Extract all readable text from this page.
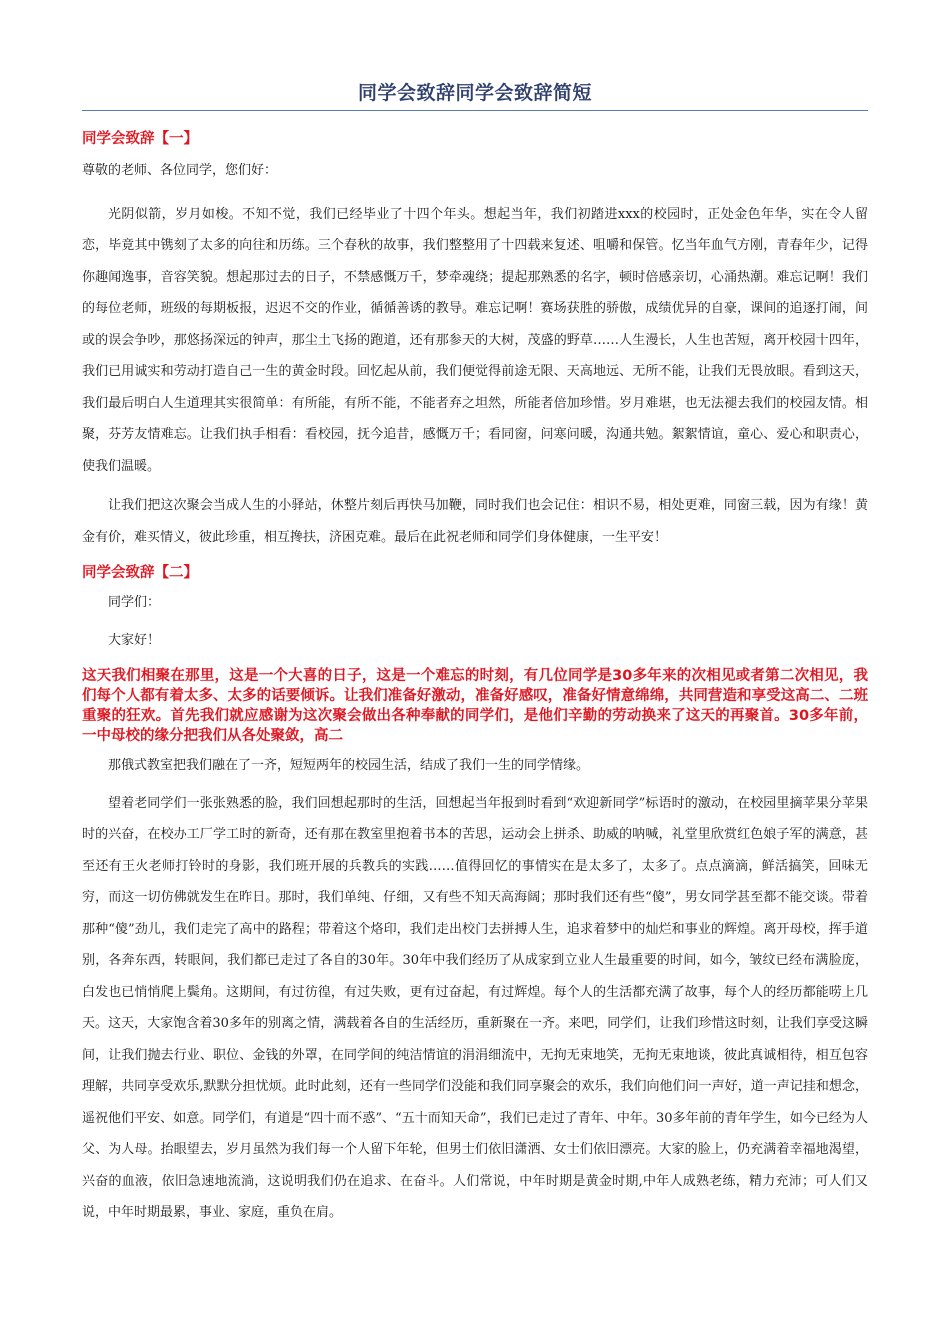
同学会致辞同学会致辞简短
同学会致辞【一】

尊敬的老师、各位同学，您们好：

光阴似箭，岁月如梭。不知不觉，我们已经毕业了十四个年头。想起当年，我们初踏进xxx的校园时，正处金色年华，实在令人留恋，毕竟其中镌刻了太多的向往和历练。三个春秋的故事，我们整整用了十四载来复述、咀嚼和保管。忆当年血气方刚，青春年少，记得你趣闻逸事，音容笑貌。想起那过去的日子，不禁感慨万千，梦牵魂绕；提起那熟悉的名字，顿时倍感亲切，心涌热潮。难忘记啊！我们的每位老师，班级的每期板报，迟迟不交的作业，循循善诱的教导。难忘记啊！赛场获胜的骄傲，成绩优异的自豪，课间的追逐打闹，间或的误会争吵，那悠扬深远的钟声，那尘土飞扬的跑道，还有那参天的大树，茂盛的野草……人生漫长，人生也苦短，离开校园十四年，我们已用诚实和劳动打造自己一生的黄金时段。回忆起从前，我们便觉得前途无限、天高地远、无所不能，让我们无畏放眼。看到这天，我们最后明白人生道理其实很简单：有所能，有所不能，不能者弃之坦然，所能者倍加珍惜。岁月难堪，也无法褪去我们的校园友情。相聚，芬芳友情难忘。让我们执手相看：看校园，抚今追昔，感慨万千；看同窗，问寒问暖，沟通共勉。絮絮情谊，童心、爱心和职责心，使我们温暖。

让我们把这次聚会当成人生的小驿站，休整片刻后再快马加鞭，同时我们也会记住：相识不易，相处更难，同窗三载，因为有缘！黄金有价，难买情义，彼此珍重，相互搀扶，济困克难。最后在此祝老师和同学们身体健康，一生平安！

同学会致辞【二】

同学们：

大家好！

这天我们相聚在那里，这是一个大喜的日子，这是一个难忘的时刻，有几位同学是30多年来的次相见或者第二次相见，我们每个人都有着太多、太多的话要倾诉。让我们准备好激动，准备好感叹，准备好情意绵绵，共同营造和享受这高二、二班重聚的狂欢。首先我们就应感谢为这次聚会做出各种奉献的同学们，是他们辛勤的劳动换来了这天的再聚首。30多年前，一中母校的缘分把我们从各处聚敛，高二

那俄式教室把我们融在了一齐，短短两年的校园生活，结成了我们一生的同学情缘。

望着老同学们一张张熟悉的脸，我们回想起那时的生活，回想起当年报到时看到“欢迎新同学”标语时的激动，在校园里摘苹果分苹果时的兴奋，在校办工厂学工时的新奇，还有那在教室里抱着书本的苦思，运动会上拼杀、助威的呐喊，礼堂里欣赏红色娘子军的满意，甚至还有王火老师打铃时的身影，我们班开展的兵教兵的实践……值得回忆的事情实在是太多了，太多了。点点滴滴，鲜活搞笑，回味无穷，而这一切仿佛就发生在昨日。那时，我们单纯、仔细，又有些不知天高海阔；那时我们还有些“傻”，男女同学甚至都不能交谈。带着那种“傻”劲儿，我们走完了高中的路程；带着这个烙印，我们走出校门去拼搏人生，追求着梦中的灿烂和事业的辉煌。离开母校，挥手道别，各奔东西，转眼间，我们都已走过了各自的30年。30年中我们经历了从成家到立业人生最重要的时间，如今，皱纹已经布满脸庞，白发也已悄悄爬上鬓角。这期间，有过彷徨，有过失败，更有过奋起，有过辉煌。每个人的生活都充满了故事，每个人的经历都能唠上几天。这天，大家饱含着30多年的别离之情，满载着各自的生活经历，重新聚在一齐。来吧，同学们，让我们珍惜这时刻，让我们享受这瞬间，让我们抛去行业、职位、金钱的外罩，在同学间的纯洁情谊的涓涓细流中，无拘无束地笑，无拘无束地谈，彼此真诚相待，相互包容理解，共同享受欢乐,默默分担忧烦。此时此刻，还有一些同学们没能和我们同享聚会的欢乐，我们向他们问一声好，道一声记挂和想念，遥祝他们平安、如意。同学们，有道是“四十而不惑”、“五十而知天命”，我们已走过了青年、中年。30多年前的青年学生，如今已经为人父、为人母。抬眼望去，岁月虽然为我们每一个人留下年轮，但男士们依旧潇洒、女士们依旧漂亮。大家的脸上，仍充满着幸福地渴望，兴奋的血液，依旧急速地流淌，这说明我们仍在追求、在奋斗。人们常说，中年时期是黄金时期,中年人成熟老练，精力充沛；可人们又说，中年时期最累，事业、家庭，重负在肩。
